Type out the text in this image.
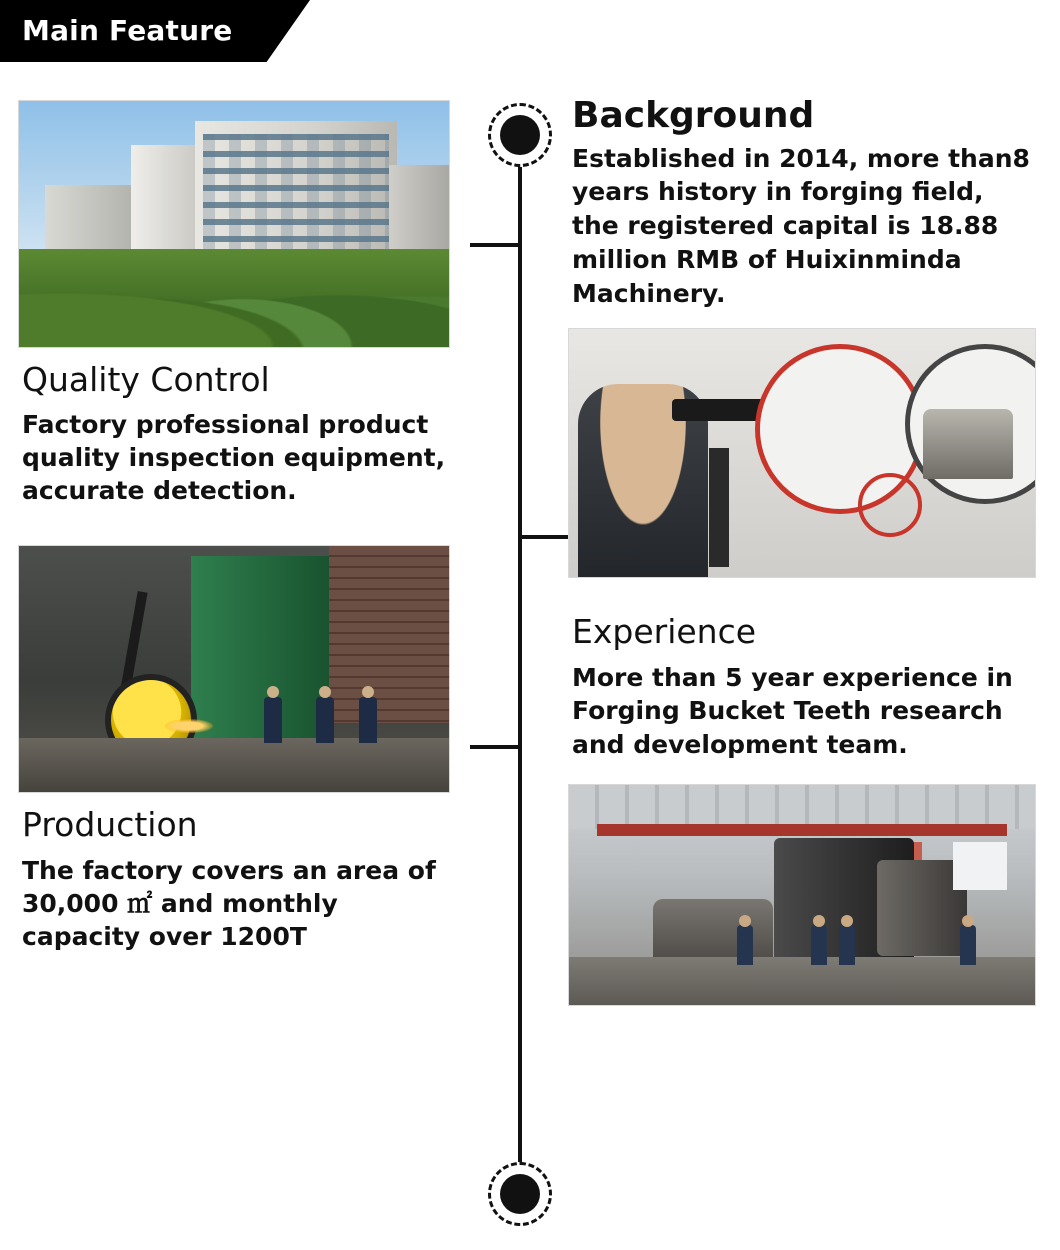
Main Feature
Quality Control
Factory professional product quality inspection equipment, accurate detection.
Production
The factory covers an area of 30,000 ㎡ and monthly capacity over 1200T
Background
Established in 2014, more than8 years history in forging field, the registered capital is 18.88 million RMB of Huixinminda Machinery.
Experience
More than 5 year experience in Forging Bucket Teeth research and development team.
